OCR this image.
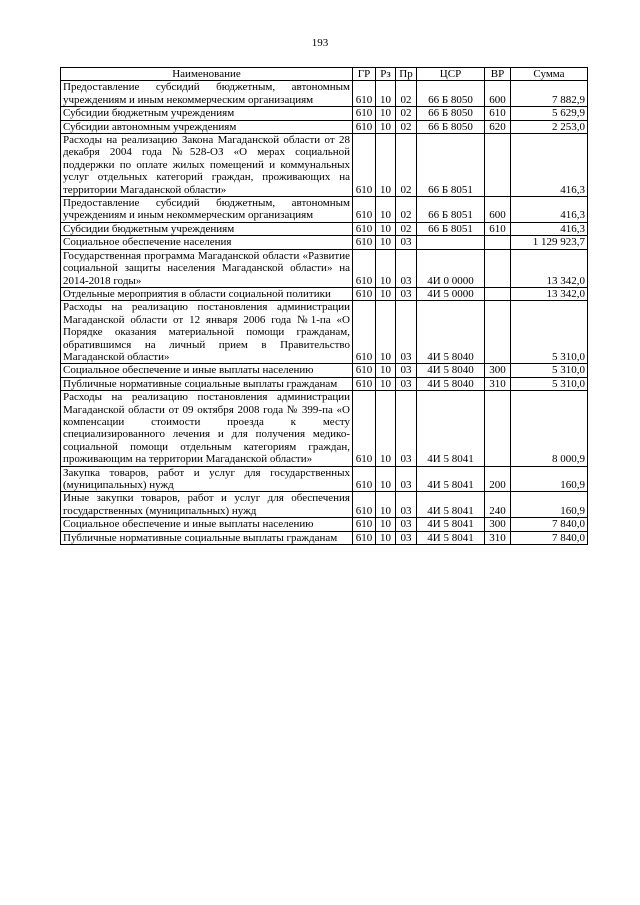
193
Наименование	ГР	Рз	Пр	ЦСР	ВР	Сумма
Предоставление субсидий бюджетным, автономным учреждениям и иным некоммерческим организациям	610	10	02	66 Б 8050	600	7 882,9
Субсидии бюджетным учреждениям	610	10	02	66 Б 8050	610	5 629,9
Субсидии автономным учреждениям	610	10	02	66 Б 8050	620	2 253,0
Расходы на реализацию Закона Магаданской области от 28 декабря 2004 года №528-ОЗ «О мерах социальной поддержки по оплате жилых помещений и коммунальных услуг отдельных категорий граждан, проживающих на территории Магаданской области»	610	10	02	66 Б 8051		416,3
Предоставление субсидий бюджетным, автономным учреждениям и иным некоммерческим организациям	610	10	02	66 Б 8051	600	416,3
Субсидии бюджетным учреждениям	610	10	02	66 Б 8051	610	416,3
Социальное обеспечение населения	610	10	03			1 129 923,7
Государственная программа Магаданской области «Развитие социальной защиты населения Магаданской области» на 2014-2018 годы»	610	10	03	4И 0 0000		13 342,0
Отдельные мероприятия в области социальной политики	610	10	03	4И 5 0000		13 342,0
Расходы на реализацию постановления администрации Магаданской области от 12 января 2006 года №1-па «О Порядке оказания материальной помощи гражданам, обратившимся на личный прием в Правительство Магаданской области»	610	10	03	4И 5 8040		5 310,0
Социальное обеспечение и иные выплаты населению	610	10	03	4И 5 8040	300	5 310,0
Публичные нормативные социальные выплаты гражданам	610	10	03	4И 5 8040	310	5 310,0
Расходы на реализацию постановления администрации Магаданской области от 09 октября 2008 года № 399-па «О компенсации стоимости проезда к месту специализированного лечения и для получения медико-социальной помощи отдельным категориям граждан, проживающим на территории Магаданской области»	610	10	03	4И 5 8041		8 000,9
Закупка товаров, работ и услуг для государственных (муниципальных) нужд	610	10	03	4И 5 8041	200	160,9
Иные закупки товаров, работ и услуг для обеспечения государственных (муниципальных) нужд	610	10	03	4И 5 8041	240	160,9
Социальное обеспечение и иные выплаты населению	610	10	03	4И 5 8041	300	7 840,0
Публичные нормативные социальные выплаты гражданам	610	10	03	4И 5 8041	310	7 840,0
